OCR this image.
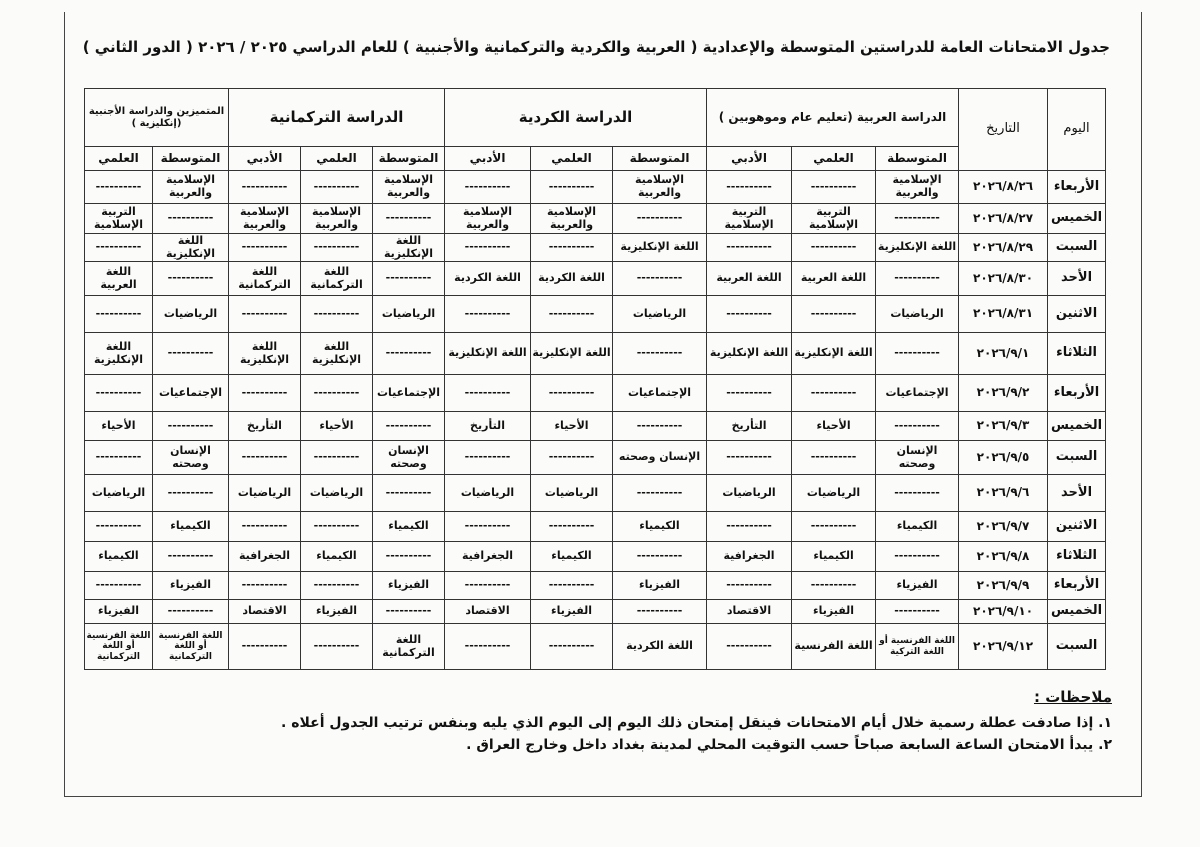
جدول الامتحانات العامة للدراستين المتوسطة والإعدادية ( العربية والكردية والتركمانية والأجنبية ) للعام الدراسي ٢٠٢٥ / ٢٠٢٦ ( الدور الثاني )
اليوم	التاريخ	الدراسة العربية (تعليم عام وموهوبين )			الدراسة الكردية			الدراسة التركمانية			المتميزين والدراسة الأجنبية (إنكليزية )	
		المتوسطة	العلمي	الأدبي	المتوسطة	العلمي	الأدبي	المتوسطة	العلمي	الأدبي	المتوسطة	العلمي
الأربعاء	٢٠٢٦/٨/٢٦	الإسلامية والعربية	----------	----------	الإسلامية والعربية	----------	----------	الإسلامية والعربية	----------	----------	الإسلامية والعربية	----------
الخميس	٢٠٢٦/٨/٢٧	----------	التربية الإسلامية	التربية الإسلامية	----------	الإسلامية والعربية	الإسلامية والعربية	----------	الإسلامية والعربية	الإسلامية والعربية	----------	التربية الإسلامية
السبت	٢٠٢٦/٨/٢٩	اللغة الإنكليزية	----------	----------	اللغة الإنكليزية	----------	----------	اللغة الإنكليزية	----------	----------	اللغة الإنكليزية	----------
الأحد	٢٠٢٦/٨/٣٠	----------	اللغة العربية	اللغة العربية	----------	اللغة الكردية	اللغة الكردية	----------	اللغة التركمانية	اللغة التركمانية	----------	اللغة العربية
الاثنين	٢٠٢٦/٨/٣١	الرياضيات	----------	----------	الرياضيات	----------	----------	الرياضيات	----------	----------	الرياضيات	----------
الثلاثاء	٢٠٢٦/٩/١	----------	اللغة الإنكليزية	اللغة الإنكليزية	----------	اللغة الإنكليزية	اللغة الإنكليزية	----------	اللغة الإنكليزية	اللغة الإنكليزية	----------	اللغة الإنكليزية
الأربعاء	٢٠٢٦/٩/٢	الإجتماعيات	----------	----------	الإجتماعيات	----------	----------	الإجتماعيات	----------	----------	الإجتماعيات	----------
الخميس	٢٠٢٦/٩/٣	----------	الأحياء	التأريخ	----------	الأحياء	التأريخ	----------	الأحياء	التأريخ	----------	الأحياء
السبت	٢٠٢٦/٩/٥	الإنسان وصحته	----------	----------	الإنسان وصحته	----------	----------	الإنسان وصحته	----------	----------	الإنسان وصحته	----------
الأحد	٢٠٢٦/٩/٦	----------	الرياضيات	الرياضيات	----------	الرياضيات	الرياضيات	----------	الرياضيات	الرياضيات	----------	الرياضيات
الاثنين	٢٠٢٦/٩/٧	الكيمياء	----------	----------	الكيمياء	----------	----------	الكيمياء	----------	----------	الكيمياء	----------
الثلاثاء	٢٠٢٦/٩/٨	----------	الكيمياء	الجغرافية	----------	الكيمياء	الجغرافية	----------	الكيمياء	الجغرافية	----------	الكيمياء
الأربعاء	٢٠٢٦/٩/٩	الفيزياء	----------	----------	الفيزياء	----------	----------	الفيزياء	----------	----------	الفيزياء	----------
الخميس	٢٠٢٦/٩/١٠	----------	الفيزياء	الاقتصاد	----------	الفيزياء	الاقتصاد	----------	الفيزياء	الاقتصاد	----------	الفيزياء
السبت	٢٠٢٦/٩/١٢	اللغة الفرنسية أو اللغة التركية	اللغة الفرنسية	----------	اللغة الكردية	----------	----------	اللغة التركمانية	----------	----------	اللغة الفرنسية أو اللغة التركمانية	اللغة الفرنسية أو اللغة التركمانية
ملاحظات :
١. إذا صادفت عطلة رسمية خلال أيام الامتحانات فينقل إمتحان ذلك اليوم إلى اليوم الذي يليه وبنفس ترتيب الجدول أعلاه .
٢. يبدأ الامتحان الساعة السابعة صباحاً حسب التوقيت المحلي لمدينة بغداد داخل وخارج العراق .
